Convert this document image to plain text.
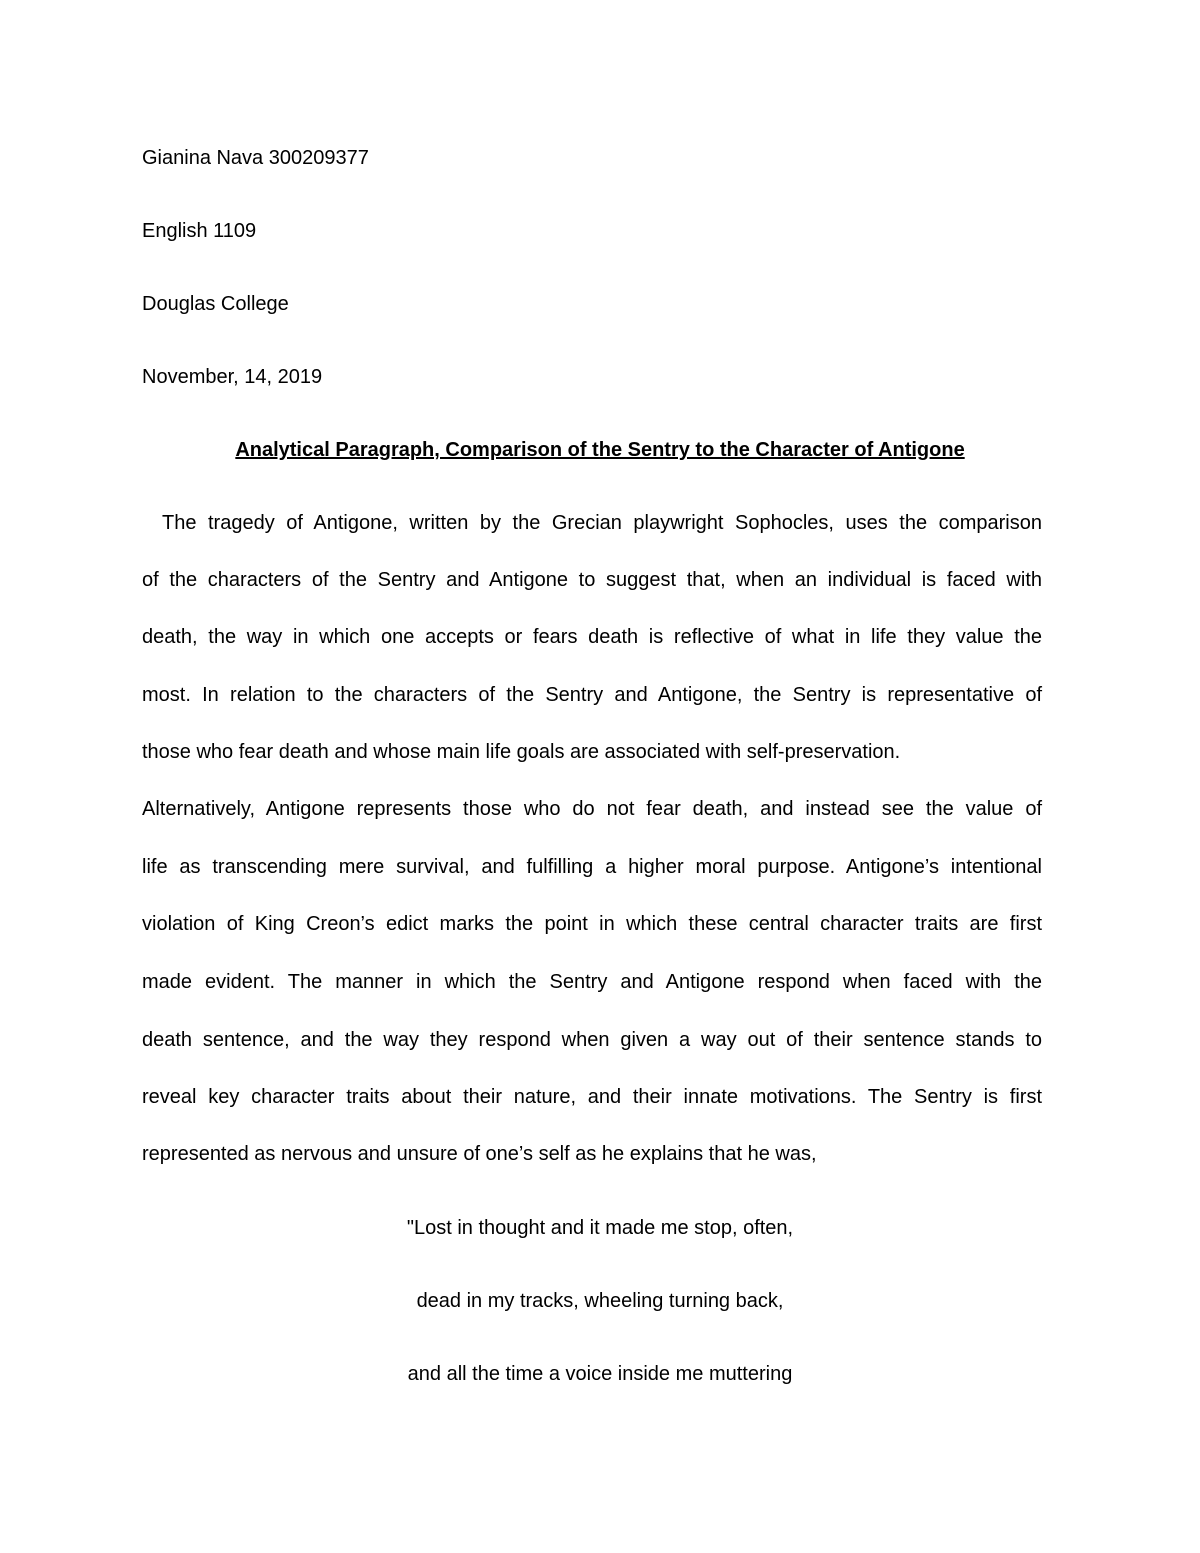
Gianina Nava 300209377

English 1109

Douglas College

November, 14, 2019

Analytical Paragraph, Comparison of the Sentry to the Character of Antigone

The tragedy of Antigone, written by the Grecian playwright Sophocles, uses the comparison

of the characters of the Sentry and Antigone to suggest that, when an individual is faced with

death, the way in which one accepts or fears death is reflective of what in life they value the

most. In relation to the characters of the Sentry and Antigone, the Sentry is representative of

those who fear death and whose main life goals are associated with self-preservation.

Alternatively, Antigone represents those who do not fear death, and instead see the value of

life as transcending mere survival, and fulfilling a higher moral purpose. Antigone’s intentional

violation of King Creon’s edict marks the point in which these central character traits are first

made evident. The manner in which the Sentry and Antigone respond when faced with the

death sentence, and the way they respond when given a way out of their sentence stands to

reveal key character traits about their nature, and their innate motivations. The Sentry is first

represented as nervous and unsure of one’s self as he explains that he was,

"Lost in thought and it made me stop, often,

dead in my tracks, wheeling turning back,

and all the time a voice inside me muttering
